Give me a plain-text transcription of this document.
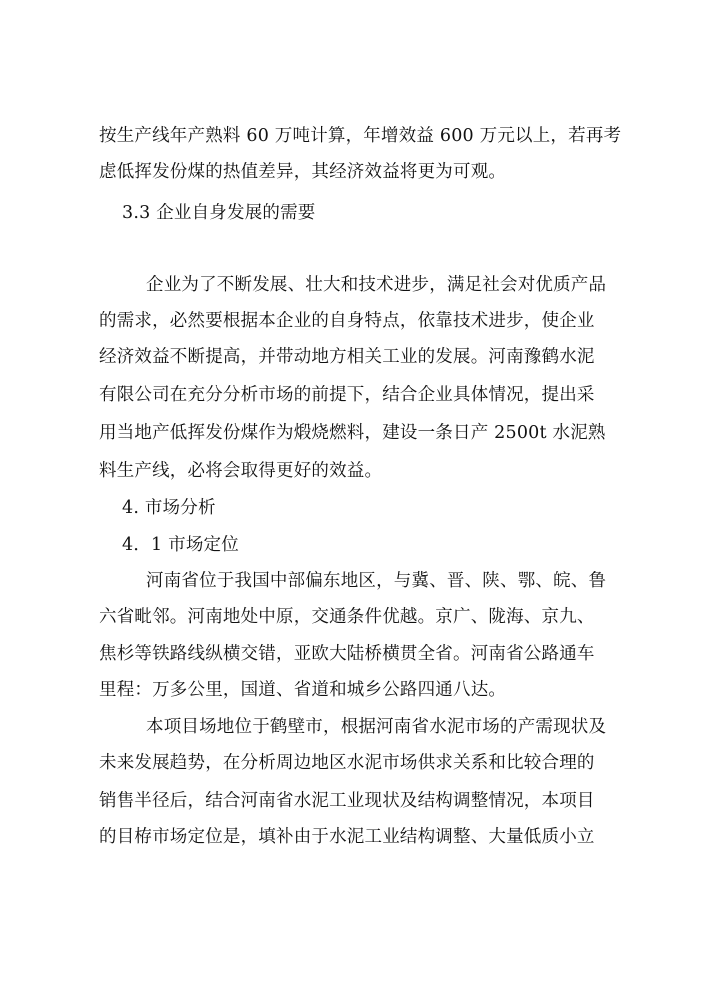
按生产线年产熟料 60 万吨计算，年增效益 600 万元以上，若再考
虑低挥发份煤的热值差异，其经济效益将更为可观。
3.3 企业自身发展的需要
企业为了不断发展、壮大和技术进步，满足社会对优质产品
的需求，必然要根据本企业的自身特点，依靠技术进步，使企业
经济效益不断提高，并带动地方相关工业的发展。河南豫鹤水泥
有限公司在充分分析市场的前提下，结合企业具体情况，提出采
用当地产低挥发份煤作为煅烧燃料，建设一条日产 2500t 水泥熟
料生产线，必将会取得更好的效益。
4. 市场分析
4．1 市场定位
河南省位于我国中部偏东地区，与冀、晋、陕、鄂、皖、鲁
六省毗邻。河南地处中原，交通条件优越。京广、陇海、京九、
焦杉等铁路线纵横交错，亚欧大陆桥横贯全省。河南省公路通车
里程：万多公里，国道、省道和城乡公路四通八达。
本项目场地位于鹤壁市，根据河南省水泥市场的产需现状及
未来发展趋势，在分析周边地区水泥市场供求关系和比较合理的
销售半径后，结合河南省水泥工业现状及结构调整情况，本项目
的目栫市场定位是，填补由于水泥工业结构调整、大量低质小立
